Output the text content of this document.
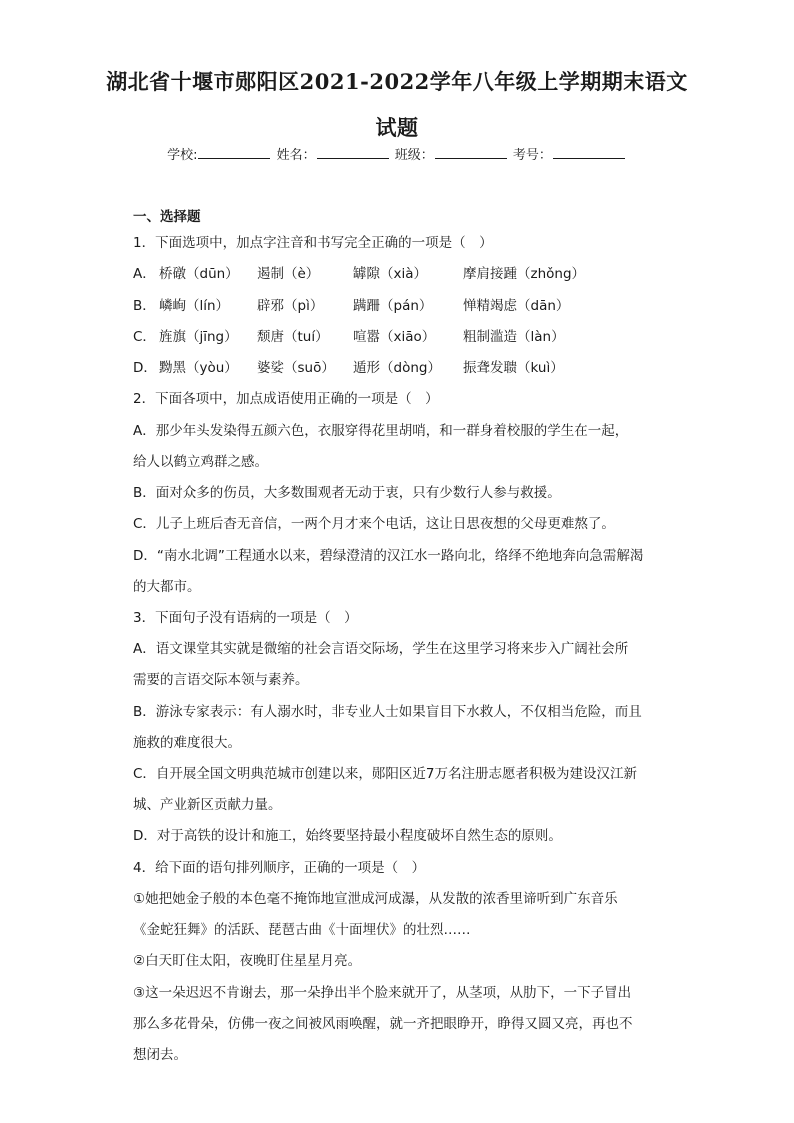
湖北省十堰市郧阳区2021-2022学年八年级上学期期末语文
试题
学校:	姓名：	班级：	考号：
一、选择题
1．下面选项中，加点字注音和书写完全正确的一项是（　）
A． 桥礅（dūn） 遏制（è） 罅隙（xià）	摩肩接踵（zhǒng）
B． 嶙峋（lín） 辟邪（pì） 蹒跚（pán） 惮精竭虑（dān）
C． 旌旗（jīng） 颓唐（tuí） 喧嚣（xiāo） 粗制滥造（làn）
D． 黝黑（yòu） 婆娑（suō） 遁形（dòng） 振聋发聩（kuì）
2．下面各项中，加点成语使用正确的一项是（　）
A．那少年头发染得五颜六色，衣服穿得花里胡哨，和一群身着校服的学生在一起，
给人以鹤立鸡群之感。
B．面对众多的伤员，大多数围观者无动于衷，只有少数行人参与救援。
C．儿子上班后杳无音信，一两个月才来个电话，这让日思夜想的父母更难熬了。
D．“南水北调”工程通水以来，碧绿澄清的汉江水一路向北，络绎不绝地奔向急需解渴
的大都市。
3．下面句子没有语病的一项是（　）
A．语文课堂其实就是微缩的社会言语交际场，学生在这里学习将来步入广阔社会所
需要的言语交际本领与素养。
B．游泳专家表示：有人溺水时，非专业人士如果盲目下水救人，不仅相当危险，而且
施救的难度很大。
C．自开展全国文明典范城市创建以来，郧阳区近7万名注册志愿者积极为建设汉江新
城、产业新区贡献力量。
D．对于高铁的设计和施工，始终要坚持最小程度破坏自然生态的原则。
4．给下面的语句排列顺序，正确的一项是（　）
①她把她金子般的本色毫不掩饰地宣泄成河成瀑，从发散的浓香里谛听到广东音乐
《金蛇狂舞》的活跃、琵琶古曲《十面埋伏》的壮烈……
②白天盯住太阳，夜晚盯住星星月亮。
③这一朵迟迟不肯谢去，那一朵挣出半个脸来就开了，从茎项，从肋下，一下子冒出
那么多花骨朵，仿佛一夜之间被风雨唤醒，就一齐把眼睁开，睁得又圆又亮，再也不
想闭去。
